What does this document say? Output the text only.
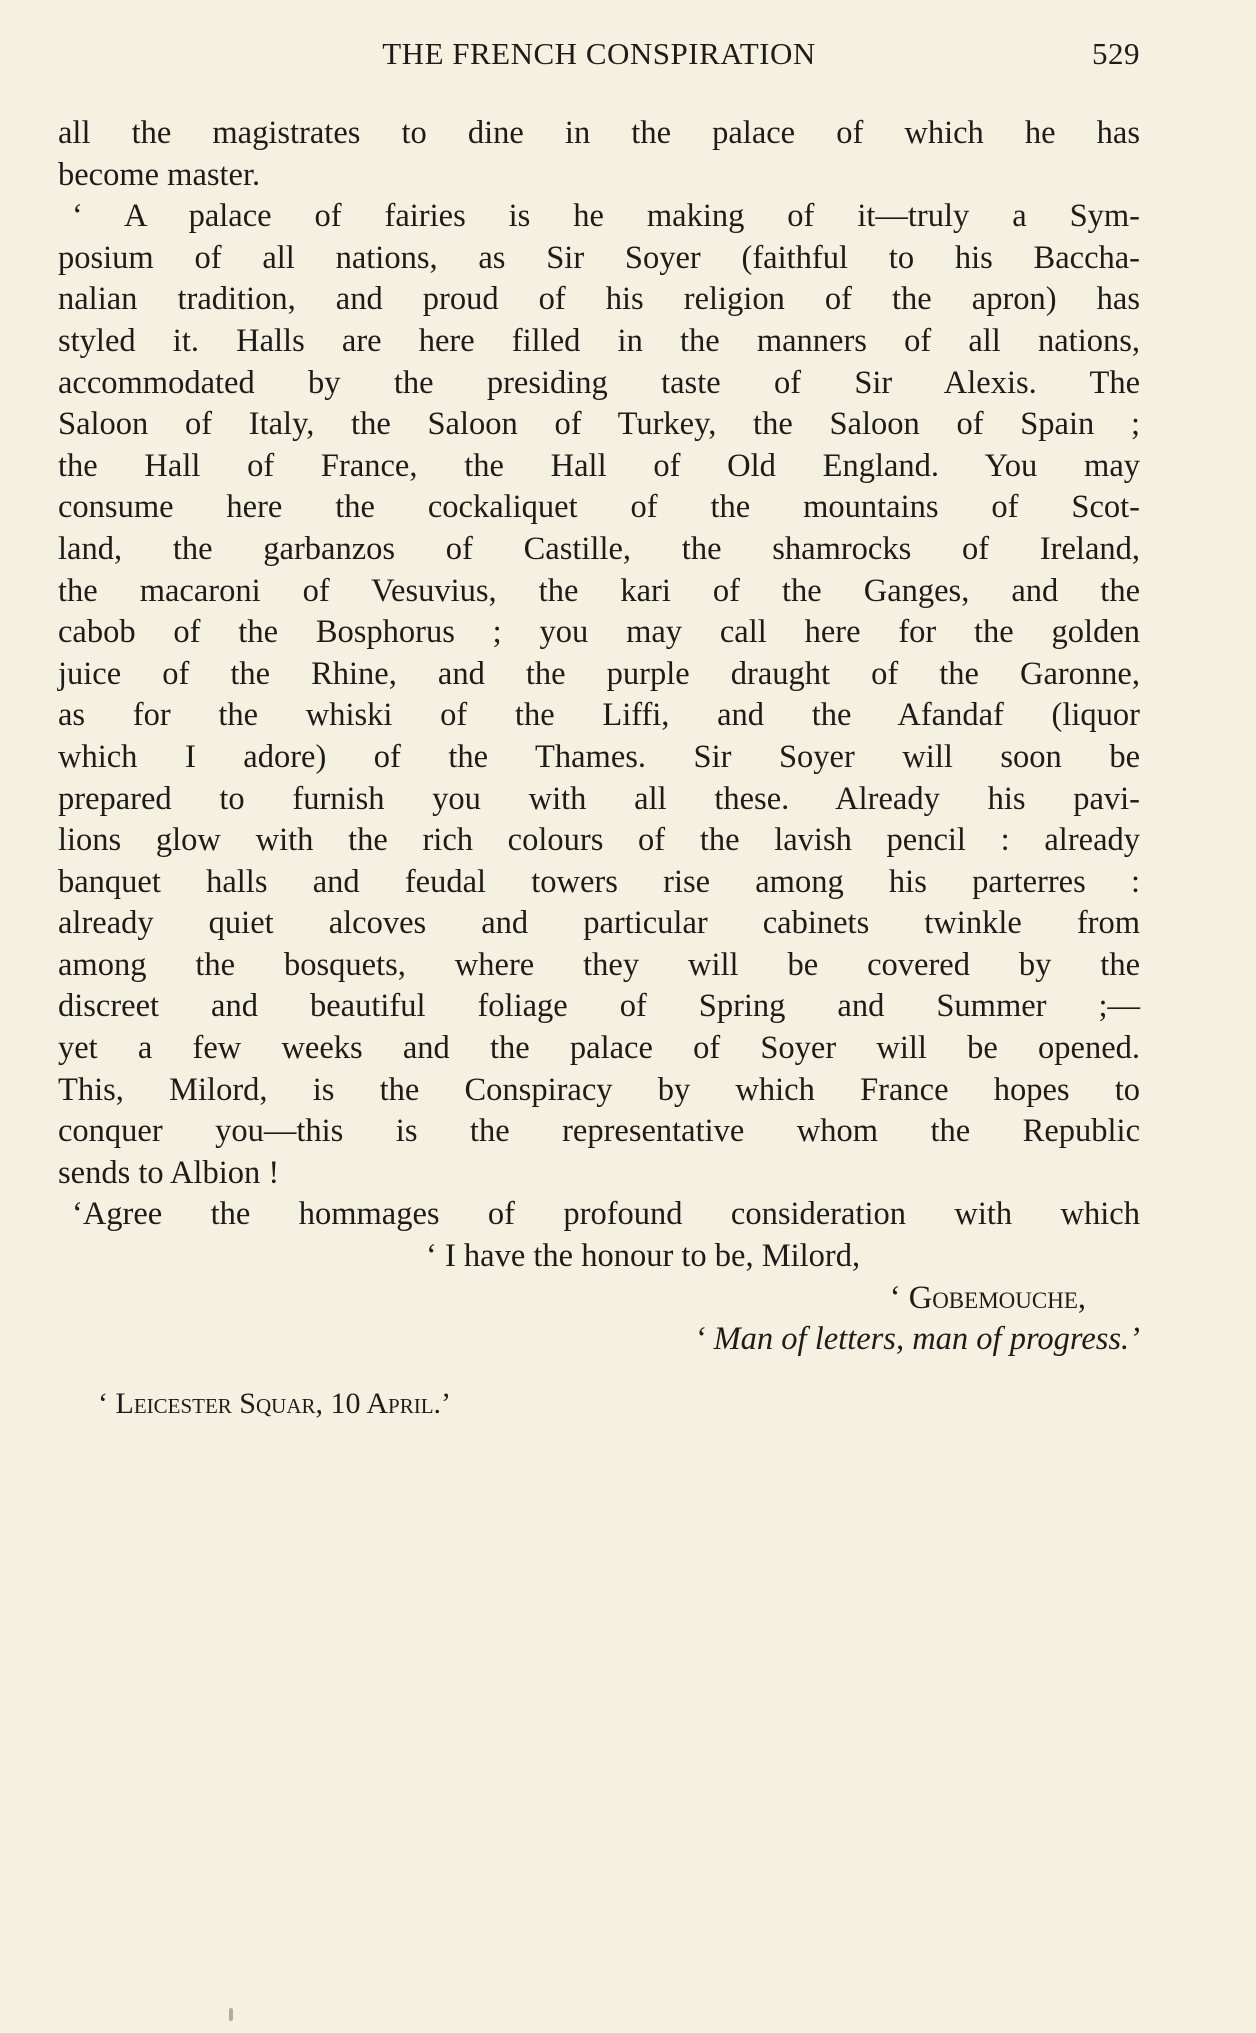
THE FRENCH CONSPIRATION	529
all the magistrates to dine in the palace of which he has
become master.
‘ A palace of fairies is he making of it—truly a Sym-
posium of all nations, as Sir Soyer (faithful to his Baccha-
nalian tradition, and proud of his religion of the apron) has
styled it. Halls are here filled in the manners of all nations,
accommodated by the presiding taste of Sir Alexis. The
Saloon of Italy, the Saloon of Turkey, the Saloon of Spain ;
the Hall of France, the Hall of Old England. You may
consume here the cockaliquet of the mountains of Scot-
land, the garbanzos of Castille, the shamrocks of Ireland,
the macaroni of Vesuvius, the kari of the Ganges, and the
cabob of the Bosphorus ; you may call here for the golden
juice of the Rhine, and the purple draught of the Garonne,
as for the whiski of the Liffi, and the Afandaf (liquor
which I adore) of the Thames. Sir Soyer will soon be
prepared to furnish you with all these. Already his pavi-
lions glow with the rich colours of the lavish pencil : already
banquet halls and feudal towers rise among his parterres :
already quiet alcoves and particular cabinets twinkle from
among the bosquets, where they will be covered by the
discreet and beautiful foliage of Spring and Summer ;—
yet a few weeks and the palace of Soyer will be opened.
This, Milord, is the Conspiracy by which France hopes to
conquer you—this is the representative whom the Republic
sends to Albion !
‘Agree the hommages of profound consideration with which
‘ I have the honour to be, Milord,
‘ Gobemouche,
‘ Man of letters, man of progress.’
‘ Leicester Squar, 10 April.’
